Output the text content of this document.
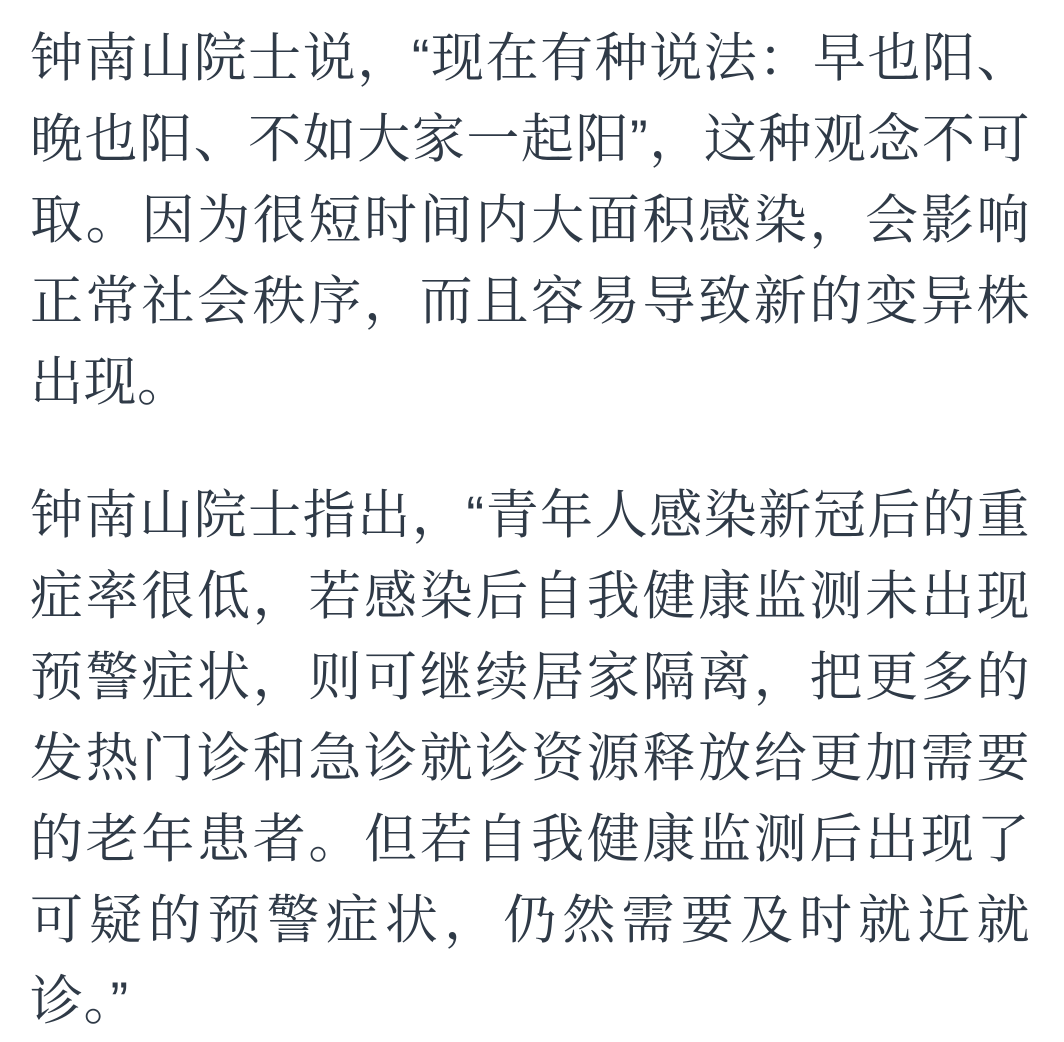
钟南山院士说，“现在有种说法：早也阳、晚也阳、不如大家一起阳”，这种观念不可取。因为很短时间内大面积感染，会影响正常社会秩序，而且容易导致新的变异株出现。

钟南山院士指出，“青年人感染新冠后的重症率很低，若感染后自我健康监测未出现预警症状，则可继续居家隔离，把更多的发热门诊和急诊就诊资源释放给更加需要的老年患者。但若自我健康监测后出现了可疑的预警症状，仍然需要及时就近就诊。”
